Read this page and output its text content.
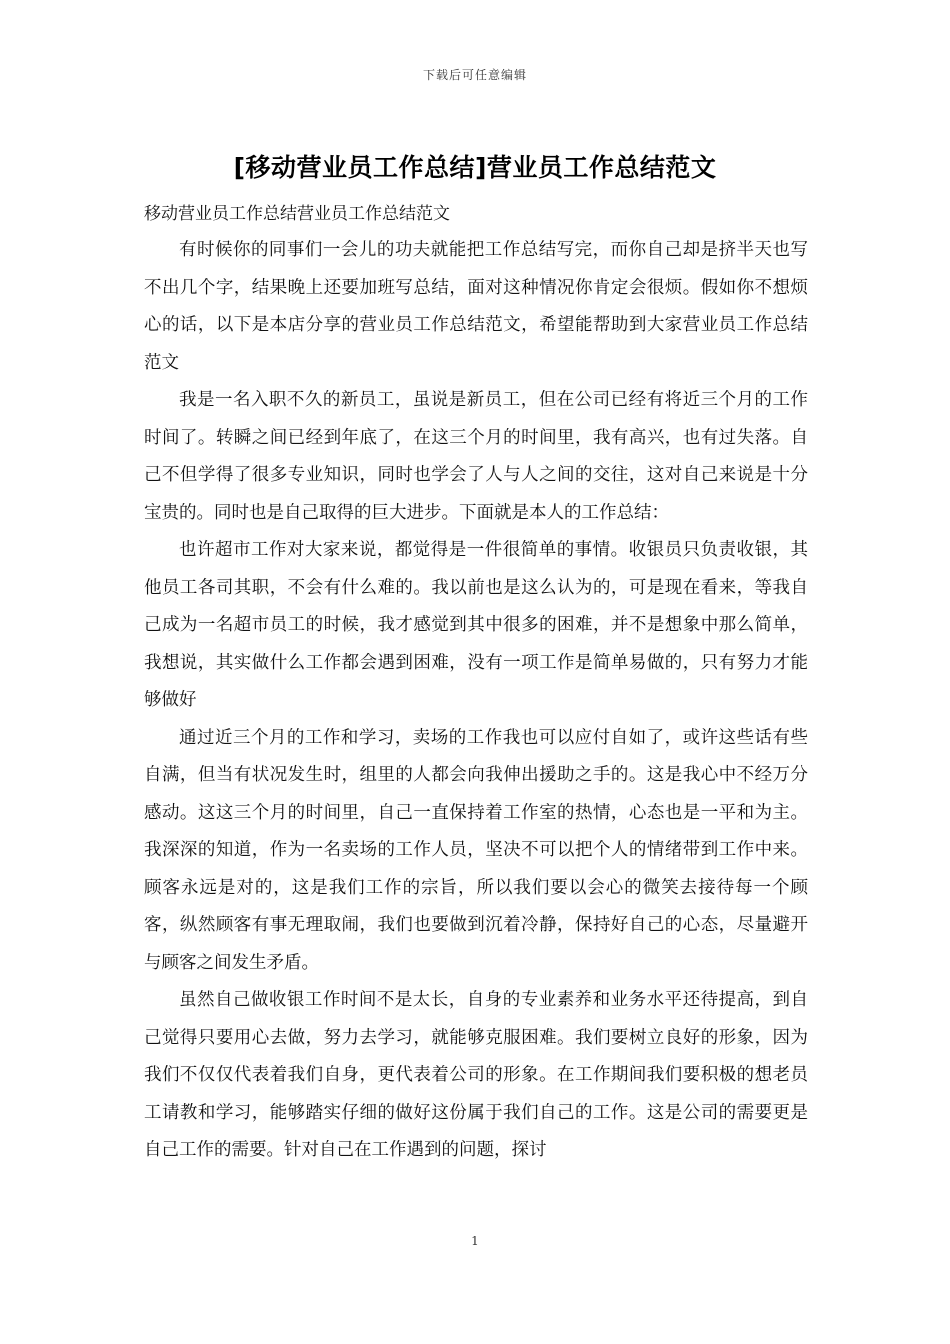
下载后可任意编辑
[移动营业员工作总结]营业员工作总结范文

移动营业员工作总结营业员工作总结范文

有时候你的同事们一会儿的功夫就能把工作总结写完，而你自己却是挤半天也写不出几个字，结果晚上还要加班写总结，面对这种情况你肯定会很烦。假如你不想烦心的话，以下是本店分享的营业员工作总结范文，希望能帮助到大家营业员工作总结范文

我是一名入职不久的新员工，虽说是新员工，但在公司已经有将近三个月的工作时间了。转瞬之间已经到年底了，在这三个月的时间里，我有高兴，也有过失落。自己不但学得了很多专业知识，同时也学会了人与人之间的交往，这对自己来说是十分宝贵的。同时也是自己取得的巨大进步。下面就是本人的工作总结：

也许超市工作对大家来说，都觉得是一件很简单的事情。收银员只负责收银，其他员工各司其职，不会有什么难的。我以前也是这么认为的，可是现在看来，等我自己成为一名超市员工的时候，我才感觉到其中很多的困难，并不是想象中那么简单，我想说，其实做什么工作都会遇到困难，没有一项工作是简单易做的，只有努力才能够做好

通过近三个月的工作和学习，卖场的工作我也可以应付自如了，或许这些话有些自满，但当有状况发生时，组里的人都会向我伸出援助之手的。这是我心中不经万分感动。这这三个月的时间里，自己一直保持着工作室的热情，心态也是一平和为主。我深深的知道，作为一名卖场的工作人员，坚决不可以把个人的情绪带到工作中来。顾客永远是对的，这是我们工作的宗旨，所以我们要以会心的微笑去接待每一个顾客，纵然顾客有事无理取闹，我们也要做到沉着冷静，保持好自己的心态，尽量避开与顾客之间发生矛盾。

虽然自己做收银工作时间不是太长，自身的专业素养和业务水平还待提高，到自己觉得只要用心去做，努力去学习，就能够克服困难。我们要树立良好的形象，因为我们不仅仅代表着我们自身，更代表着公司的形象。在工作期间我们要积极的想老员工请教和学习，能够踏实仔细的做好这份属于我们自己的工作。这是公司的需要更是自己工作的需要。针对自己在工作遇到的问题，探讨

1
